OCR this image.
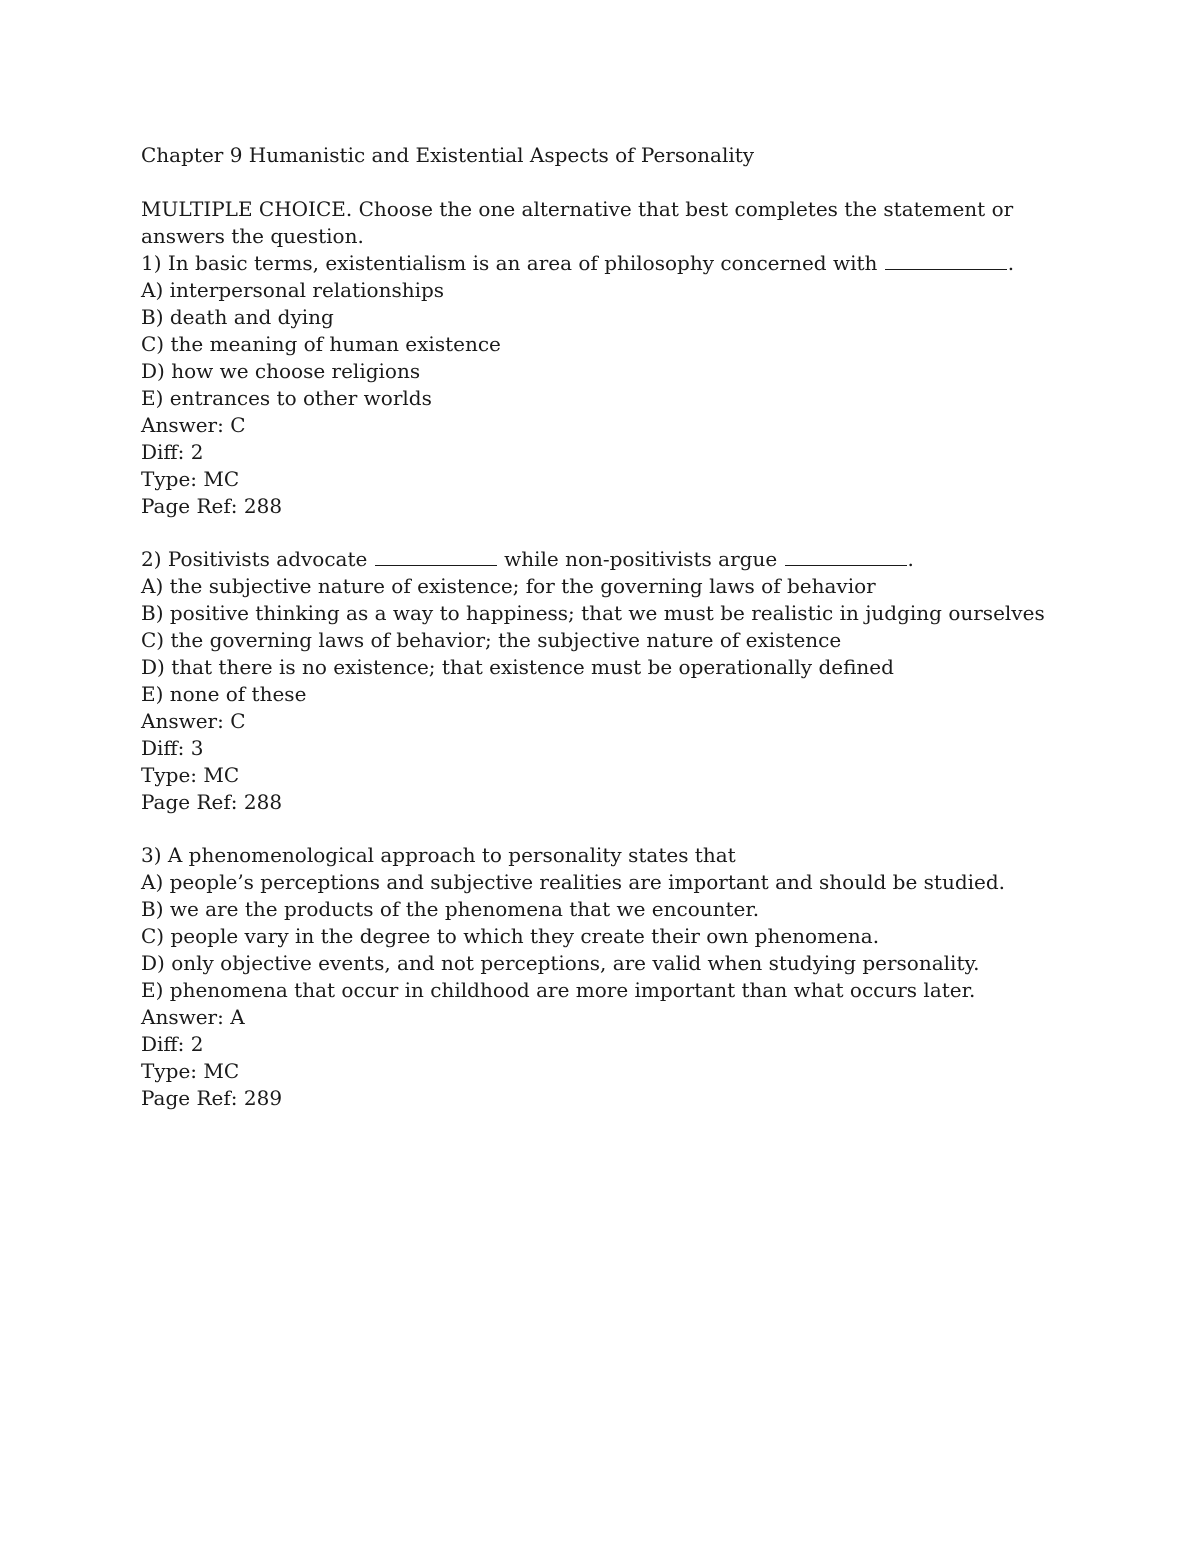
Chapter 9 Humanistic and Existential Aspects of Personality

MULTIPLE CHOICE. Choose the one alternative that best completes the statement or answers the question.

1) In basic terms, existentialism is an area of philosophy concerned with	.
A) interpersonal relationships
B) death and dying
C) the meaning of human existence
D) how we choose religions
E) entrances to other worlds
Answer: C
Diff: 2
Type: MC
Page Ref: 288
2) Positivists advocate	while non-positivists argue	.
A) the subjective nature of existence; for the governing laws of behavior
B) positive thinking as a way to happiness; that we must be realistic in judging ourselves
C) the governing laws of behavior; the subjective nature of existence
D) that there is no existence; that existence must be operationally defined
E) none of these
Answer: C
Diff: 3
Type: MC
Page Ref: 288
3) A phenomenological approach to personality states that
A) people’s perceptions and subjective realities are important and should be studied.
B) we are the products of the phenomena that we encounter.
C) people vary in the degree to which they create their own phenomena.
D) only objective events, and not perceptions, are valid when studying personality.
E) phenomena that occur in childhood are more important than what occurs later.
Answer: A
Diff: 2
Type: MC
Page Ref: 289
